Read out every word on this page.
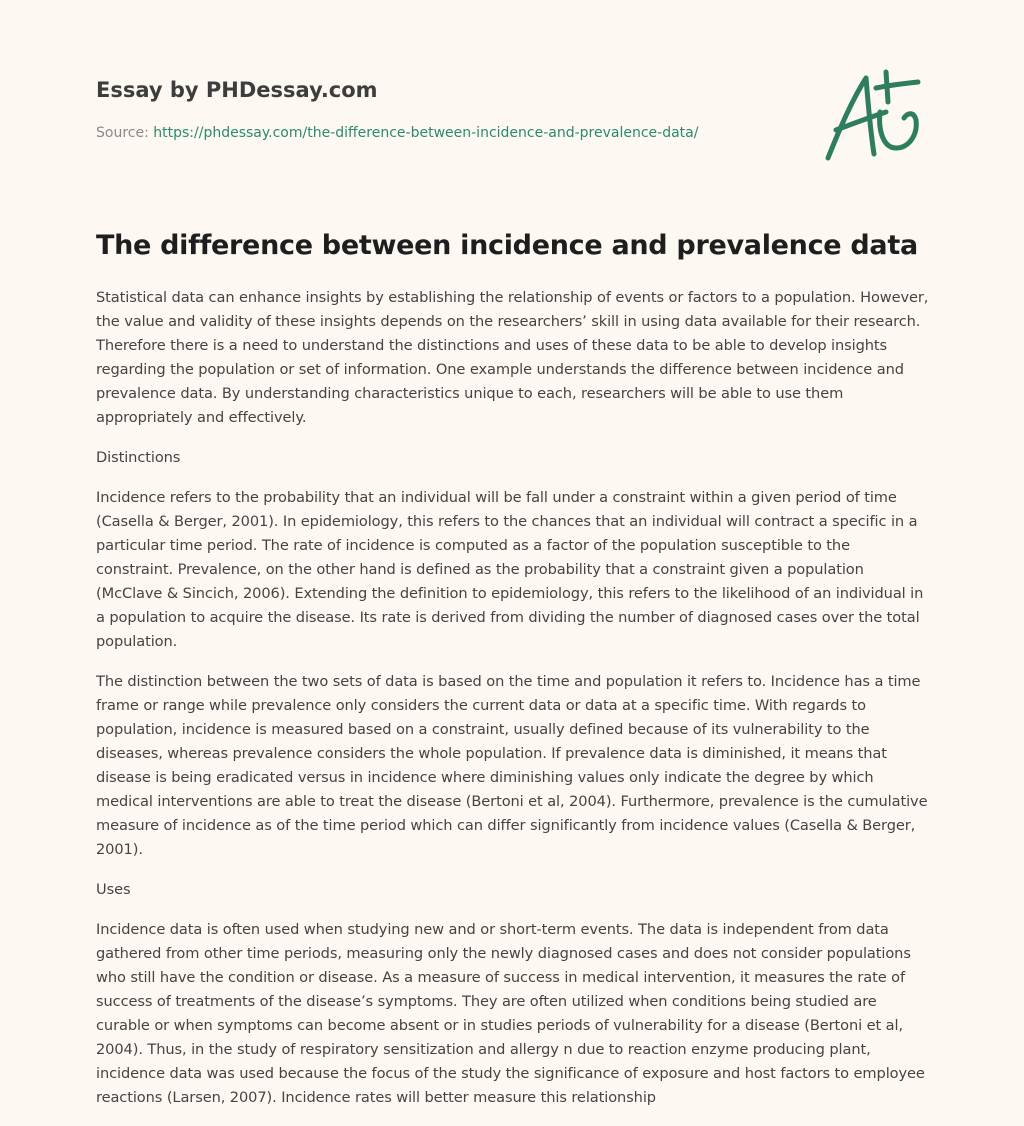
Essay by PHDessay.com
Source: https://phdessay.com/the-difference-between-incidence-and-prevalence-data/
The difference between incidence and prevalence data

Statistical data can enhance insights by establishing the relationship of events or factors to a population. However, the value and validity of these insights depends on the researchers’ skill in using data available for their research. Therefore there is a need to understand the distinctions and uses of these data to be able to develop insights regarding the population or set of information. One example understands the difference between incidence and prevalence data. By understanding characteristics unique to each, researchers will be able to use them appropriately and effectively.

Distinctions

Incidence refers to the probability that an individual will be fall under a constraint within a given period of time (Casella & Berger, 2001). In epidemiology, this refers to the chances that an individual will contract a specific in a particular time period. The rate of incidence is computed as a factor of the population susceptible to the constraint. Prevalence, on the other hand is defined as the probability that a constraint given a population (McClave & Sincich, 2006). Extending the definition to epidemiology, this refers to the likelihood of an individual in a population to acquire the disease. Its rate is derived from dividing the number of diagnosed cases over the total population.

The distinction between the two sets of data is based on the time and population it refers to. Incidence has a time frame or range while prevalence only considers the current data or data at a specific time. With regards to population, incidence is measured based on a constraint, usually defined because of its vulnerability to the diseases, whereas prevalence considers the whole population. If prevalence data is diminished, it means that disease is being eradicated versus in incidence where diminishing values only indicate the degree by which medical interventions are able to treat the disease (Bertoni et al, 2004). Furthermore, prevalence is the cumulative measure of incidence as of the time period which can differ significantly from incidence values (Casella & Berger, 2001).

Uses

Incidence data is often used when studying new and or short-term events. The data is independent from data gathered from other time periods, measuring only the newly diagnosed cases and does not consider populations who still have the condition or disease. As a measure of success in medical intervention, it measures the rate of success of treatments of the disease’s symptoms. They are often utilized when conditions being studied are curable or when symptoms can become absent or in studies periods of vulnerability for a disease (Bertoni et al, 2004). Thus, in the study of respiratory sensitization and allergy n due to reaction enzyme producing plant, incidence data was used because the focus of the study the significance of exposure and host factors to employee reactions (Larsen, 2007). Incidence rates will better measure this relationship
